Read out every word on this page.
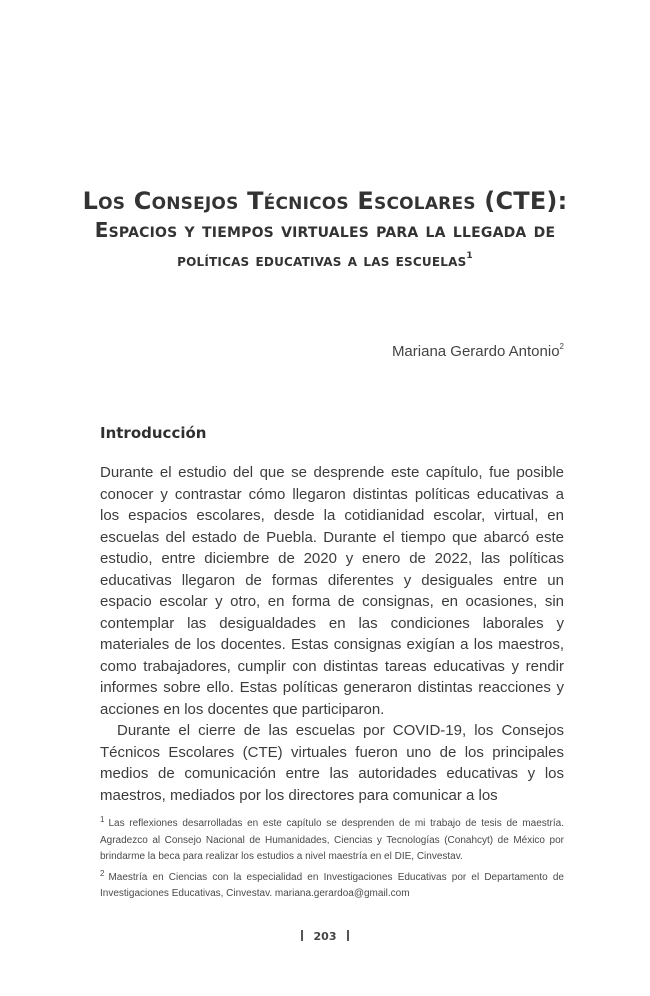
Los Consejos Técnicos Escolares (CTE):
Espacios y tiempos virtuales para la llegada de
políticas educativas a las escuelas$^1$
Mariana Gerardo Antonio$^2$
Introducción

Durante el estudio del que se desprende este capítulo, fue posible conocer y contrastar cómo llegaron distintas políticas educativas a los espacios escolares, desde la cotidianidad escolar, virtual, en escuelas del estado de Puebla. Durante el tiempo que abarcó este estudio, entre diciembre de 2020 y enero de 2022, las políticas educativas llegaron de formas diferentes y desiguales entre un espacio escolar y otro, en forma de consignas, en ocasiones, sin contemplar las desigualdades en las condiciones laborales y materiales de los docentes. Estas consignas exigían a los maestros, como trabajadores, cumplir con distintas tareas educativas y rendir informes sobre ello. Estas políticas generaron distintas reacciones y acciones en los docentes que participaron.

Durante el cierre de las escuelas por COVID-19, los Consejos Técnicos Escolares (CTE) virtuales fueron uno de los principales medios de comunicación entre las autoridades educativas y los maestros, mediados por los directores para comunicar a los

$^1$ Las reflexiones desarrolladas en este capítulo se desprenden de mi trabajo de tesis de maestría. Agradezco al Consejo Nacional de Humanidades, Ciencias y Tecnologías (Conahcyt) de México por brindarme la beca para realizar los estudios a nivel maestría en el DIE, Cinvestav.

$^2$ Maestría en Ciencias con la especialidad en Investigaciones Educativas por el Departamento de Investigaciones Educativas, Cinvestav. mariana.gerardoa@gmail.com

203
